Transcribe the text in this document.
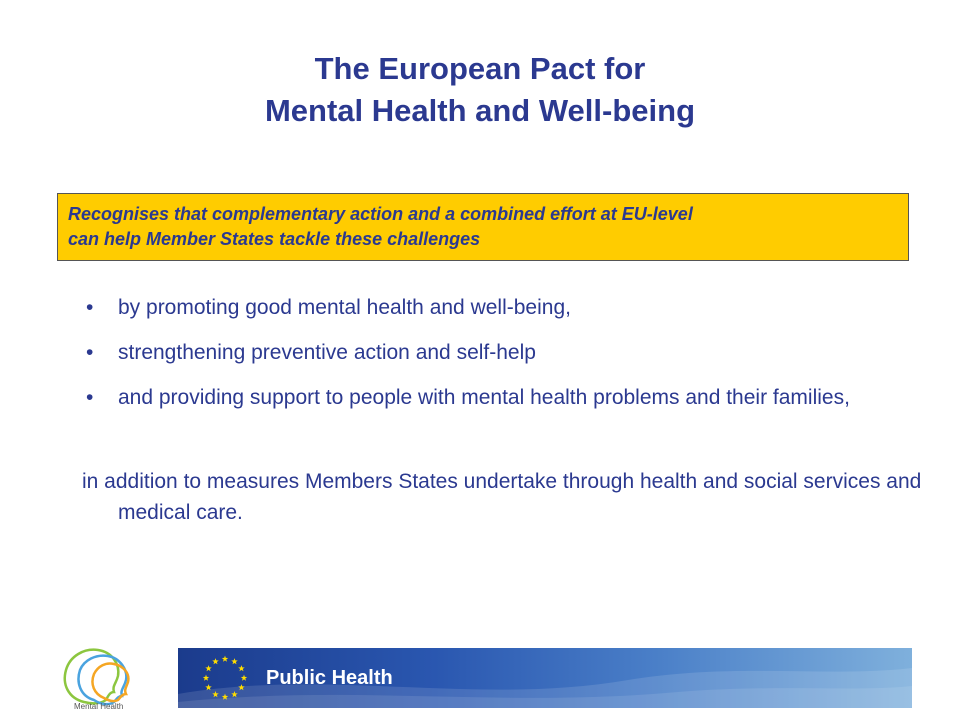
The European Pact for
Mental Health and Well-being
Recognises that complementary action and a combined effort at EU-level
can help Member States tackle these challenges
• by promoting good mental health and well-being,
• strengthening preventive action and self-help
• and providing support to people with mental health problems and their families,
in addition to measures Members States undertake through health and social services and medical care.
Mental Health
Public Health
